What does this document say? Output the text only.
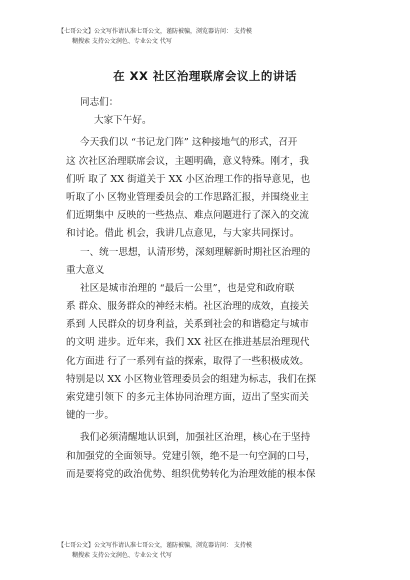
【七哥公文】公文写作请认准七哥公文，谨防被骗，浏览器访问： 支持模
糊搜索 支持公文润色、专业公文 代写
在 XX 社区治理联席会议上的讲话
同志们：
大家下午好。
今天我们以 “书记龙门阵” 这种接地气的形式，召开
这 次社区治理联席会议，主题明确，意义特殊。刚才，我
们听 取了 XX 街道关于 XX 小区治理工作的指导意见，也
听取了小 区物业管理委员会的工作思路汇报，并围绕业主
们近期集中 反映的一些热点、难点问题进行了深入的交流
和讨论。借此 机会，我讲几点意见，与大家共同探讨。
一、统一思想，认清形势，深刻理解新时期社区治理的
重大意义
社区是城市治理的 “最后一公里”，也是党和政府联
系 群众、服务群众的神经末梢。社区治理的成效，直接关
系到 人民群众的切身利益，关系到社会的和谐稳定与城市
的文明 进步。近年来，我们 XX 社区在推进基层治理现代
化方面进 行了一系列有益的探索，取得了一些积极成效。
特别是以 XX 小区物业管理委员会的组建为标志，我们在探
索党建引领下 的多元主体协同治理方面，迈出了坚实而关
键的一步。
我们必须清醒地认识到，加强社区治理，核心在于坚持
和加强党的全面领导。党建引领，绝不是一句空洞的口号，
而是要将党的政治优势、组织优势转化为治理效能的根本保
【七哥公文】公文写作请认准七哥公文，谨防被骗，浏览器访问： 支持模
糊搜索 支持公文润色、专业公文 代写
